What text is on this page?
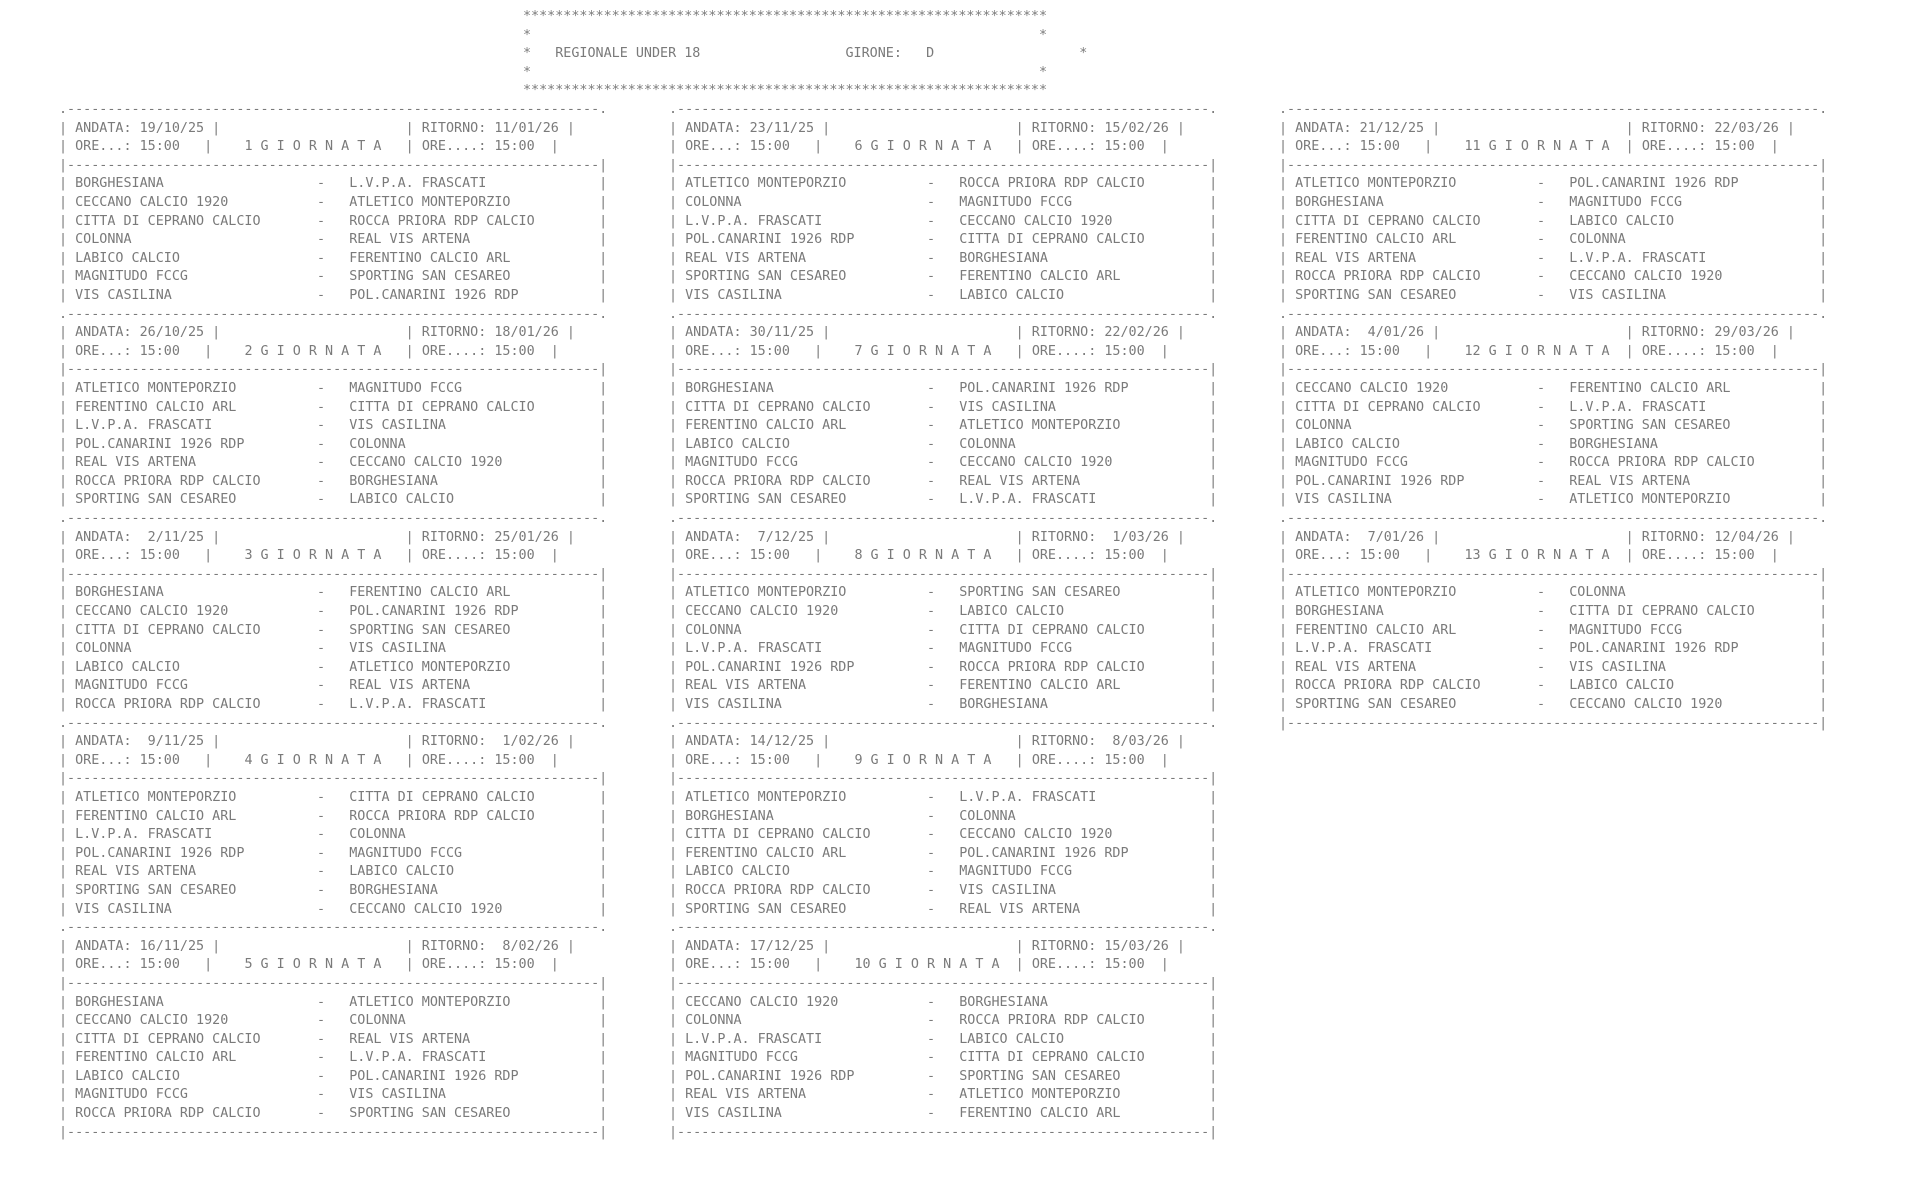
*****************************************************************
*                                                               *
*   REGIONALE UNDER 18	GIRONE: D                  *
*                                                               *
*****************************************************************
.------------------------------------------------------------------.
| ANDATA: 19/10/25 |                       | RITORNO: 11/01/26 |
| ORE...: 15:00   |    1 G I O R N A T A   | ORE....: 15:00  |
|------------------------------------------------------------------|
| BORGHESIANA                   -   L.V.P.A. FRASCATI	|
| CECCANO CALCIO 1920           -   ATLETICO MONTEPORZIO	|
| CITTA DI CEPRANO CALCIO       -   ROCCA PRIORA RDP CALCIO	|
| COLONNA                       -   REAL VIS ARTENA	|
| LABICO CALCIO                 -   FERENTINO CALCIO ARL	|
| MAGNITUDO FCCG                -   SPORTING SAN CESAREO	|
| VIS CASILINA                  -   POL.CANARINI 1926 RDP	|

.------------------------------------------------------------------.
| ANDATA: 26/10/25 |                       | RITORNO: 18/01/26 |
| ORE...: 15:00   |    2 G I O R N A T A   | ORE....: 15:00  |
|------------------------------------------------------------------|
| ATLETICO MONTEPORZIO          -   MAGNITUDO FCCG	|
| FERENTINO CALCIO ARL          -   CITTA DI CEPRANO CALCIO	|
| L.V.P.A. FRASCATI             -   VIS CASILINA	|
| POL.CANARINI 1926 RDP         -   COLONNA	|
| REAL VIS ARTENA               -   CECCANO CALCIO 1920	|
| ROCCA PRIORA RDP CALCIO       -   BORGHESIANA	|
| SPORTING SAN CESAREO          -   LABICO CALCIO	|

.------------------------------------------------------------------.
| ANDATA:  2/11/25 |                       | RITORNO: 25/01/26 |
| ORE...: 15:00   |    3 G I O R N A T A   | ORE....: 15:00  |
|------------------------------------------------------------------|
| BORGHESIANA                   -   FERENTINO CALCIO ARL	|
| CECCANO CALCIO 1920           -   POL.CANARINI 1926 RDP	|
| CITTA DI CEPRANO CALCIO       -   SPORTING SAN CESAREO	|
| COLONNA                       -   VIS CASILINA	|
| LABICO CALCIO                 -   ATLETICO MONTEPORZIO	|
| MAGNITUDO FCCG                -   REAL VIS ARTENA	|
| ROCCA PRIORA RDP CALCIO       -   L.V.P.A. FRASCATI	|

.------------------------------------------------------------------.
| ANDATA:  9/11/25 |                       | RITORNO:  1/02/26 |
| ORE...: 15:00   |    4 G I O R N A T A   | ORE....: 15:00  |
|------------------------------------------------------------------|
| ATLETICO MONTEPORZIO          -   CITTA DI CEPRANO CALCIO	|
| FERENTINO CALCIO ARL          -   ROCCA PRIORA RDP CALCIO	|
| L.V.P.A. FRASCATI             -   COLONNA	|
| POL.CANARINI 1926 RDP         -   MAGNITUDO FCCG	|
| REAL VIS ARTENA               -   LABICO CALCIO	|
| SPORTING SAN CESAREO          -   BORGHESIANA	|
| VIS CASILINA                  -   CECCANO CALCIO 1920	|

.------------------------------------------------------------------.
| ANDATA: 16/11/25 |                       | RITORNO:  8/02/26 |
| ORE...: 15:00   |    5 G I O R N A T A   | ORE....: 15:00  |
|------------------------------------------------------------------|
| BORGHESIANA                   -   ATLETICO MONTEPORZIO	|
| CECCANO CALCIO 1920           -   COLONNA	|
| CITTA DI CEPRANO CALCIO       -   REAL VIS ARTENA	|
| FERENTINO CALCIO ARL          -   L.V.P.A. FRASCATI	|
| LABICO CALCIO                 -   POL.CANARINI 1926 RDP	|
| MAGNITUDO FCCG                -   VIS CASILINA	|
| ROCCA PRIORA RDP CALCIO       -   SPORTING SAN CESAREO	|

|------------------------------------------------------------------|
.------------------------------------------------------------------.
| ANDATA: 23/11/25 |                       | RITORNO: 15/02/26 |
| ORE...: 15:00   |    6 G I O R N A T A   | ORE....: 15:00  |
|------------------------------------------------------------------|
| ATLETICO MONTEPORZIO          -   ROCCA PRIORA RDP CALCIO	|
| COLONNA                       -   MAGNITUDO FCCG	|
| L.V.P.A. FRASCATI             -   CECCANO CALCIO 1920	|
| POL.CANARINI 1926 RDP         -   CITTA DI CEPRANO CALCIO	|
| REAL VIS ARTENA               -   BORGHESIANA	|
| SPORTING SAN CESAREO          -   FERENTINO CALCIO ARL	|
| VIS CASILINA                  -   LABICO CALCIO	|

.------------------------------------------------------------------.
| ANDATA: 30/11/25 |                       | RITORNO: 22/02/26 |
| ORE...: 15:00   |    7 G I O R N A T A   | ORE....: 15:00  |
|------------------------------------------------------------------|
| BORGHESIANA                   -   POL.CANARINI 1926 RDP	|
| CITTA DI CEPRANO CALCIO       -   VIS CASILINA	|
| FERENTINO CALCIO ARL          -   ATLETICO MONTEPORZIO	|
| LABICO CALCIO                 -   COLONNA	|
| MAGNITUDO FCCG                -   CECCANO CALCIO 1920	|
| ROCCA PRIORA RDP CALCIO       -   REAL VIS ARTENA	|
| SPORTING SAN CESAREO          -   L.V.P.A. FRASCATI	|

.------------------------------------------------------------------.
| ANDATA:  7/12/25 |                       | RITORNO:  1/03/26 |
| ORE...: 15:00   |    8 G I O R N A T A   | ORE....: 15:00  |
|------------------------------------------------------------------|
| ATLETICO MONTEPORZIO          -   SPORTING SAN CESAREO	|
| CECCANO CALCIO 1920           -   LABICO CALCIO	|
| COLONNA                       -   CITTA DI CEPRANO CALCIO	|
| L.V.P.A. FRASCATI             -   MAGNITUDO FCCG	|
| POL.CANARINI 1926 RDP         -   ROCCA PRIORA RDP CALCIO	|
| REAL VIS ARTENA               -   FERENTINO CALCIO ARL	|
| VIS CASILINA                  -   BORGHESIANA	|

.------------------------------------------------------------------.
| ANDATA: 14/12/25 |                       | RITORNO:  8/03/26 |
| ORE...: 15:00   |    9 G I O R N A T A   | ORE....: 15:00  |
|------------------------------------------------------------------|
| ATLETICO MONTEPORZIO          -   L.V.P.A. FRASCATI	|
| BORGHESIANA                   -   COLONNA	|
| CITTA DI CEPRANO CALCIO       -   CECCANO CALCIO 1920	|
| FERENTINO CALCIO ARL          -   POL.CANARINI 1926 RDP	|
| LABICO CALCIO                 -   MAGNITUDO FCCG	|
| ROCCA PRIORA RDP CALCIO       -   VIS CASILINA	|
| SPORTING SAN CESAREO          -   REAL VIS ARTENA	|

.------------------------------------------------------------------.
| ANDATA: 17/12/25 |                       | RITORNO: 15/03/26 |
| ORE...: 15:00   |    10 G I O R N A T A  | ORE....: 15:00  |
|------------------------------------------------------------------|
| CECCANO CALCIO 1920           -   BORGHESIANA	|
| COLONNA                       -   ROCCA PRIORA RDP CALCIO	|
| L.V.P.A. FRASCATI             -   LABICO CALCIO	|
| MAGNITUDO FCCG                -   CITTA DI CEPRANO CALCIO	|
| POL.CANARINI 1926 RDP         -   SPORTING SAN CESAREO	|
| REAL VIS ARTENA               -   ATLETICO MONTEPORZIO	|
| VIS CASILINA                  -   FERENTINO CALCIO ARL	|

|------------------------------------------------------------------|
.------------------------------------------------------------------.
| ANDATA: 21/12/25 |                       | RITORNO: 22/03/26 |
| ORE...: 15:00   |    11 G I O R N A T A  | ORE....: 15:00  |
|------------------------------------------------------------------|
| ATLETICO MONTEPORZIO          -   POL.CANARINI 1926 RDP	|
| BORGHESIANA                   -   MAGNITUDO FCCG	|
| CITTA DI CEPRANO CALCIO       -   LABICO CALCIO	|
| FERENTINO CALCIO ARL          -   COLONNA	|
| REAL VIS ARTENA               -   L.V.P.A. FRASCATI	|
| ROCCA PRIORA RDP CALCIO       -   CECCANO CALCIO 1920	|
| SPORTING SAN CESAREO          -   VIS CASILINA	|

.------------------------------------------------------------------.
| ANDATA:  4/01/26 |                       | RITORNO: 29/03/26 |
| ORE...: 15:00   |    12 G I O R N A T A  | ORE....: 15:00  |
|------------------------------------------------------------------|
| CECCANO CALCIO 1920           -   FERENTINO CALCIO ARL	|
| CITTA DI CEPRANO CALCIO       -   L.V.P.A. FRASCATI	|
| COLONNA                       -   SPORTING SAN CESAREO	|
| LABICO CALCIO                 -   BORGHESIANA	|
| MAGNITUDO FCCG                -   ROCCA PRIORA RDP CALCIO	|
| POL.CANARINI 1926 RDP         -   REAL VIS ARTENA	|
| VIS CASILINA                  -   ATLETICO MONTEPORZIO	|

.------------------------------------------------------------------.
| ANDATA:  7/01/26 |                       | RITORNO: 12/04/26 |
| ORE...: 15:00   |    13 G I O R N A T A  | ORE....: 15:00  |
|------------------------------------------------------------------|
| ATLETICO MONTEPORZIO          -   COLONNA	|
| BORGHESIANA                   -   CITTA DI CEPRANO CALCIO	|
| FERENTINO CALCIO ARL          -   MAGNITUDO FCCG	|
| L.V.P.A. FRASCATI             -   POL.CANARINI 1926 RDP	|
| REAL VIS ARTENA               -   VIS CASILINA	|
| ROCCA PRIORA RDP CALCIO       -   LABICO CALCIO	|
| SPORTING SAN CESAREO          -   CECCANO CALCIO 1920	|

|------------------------------------------------------------------|
